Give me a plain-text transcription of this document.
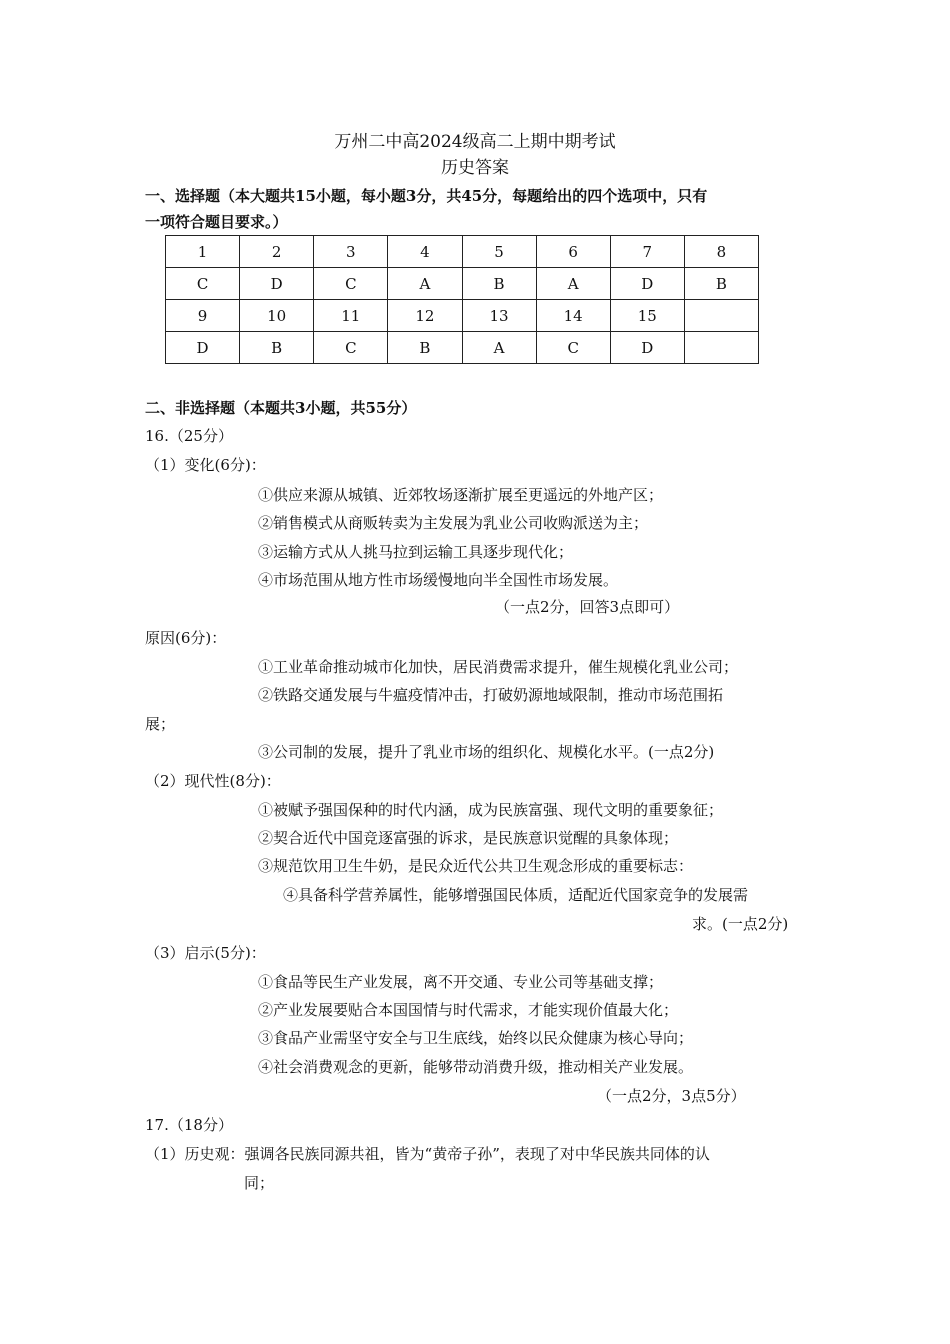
万州二中高2024级高二上期中期考试
历史答案
一、选择题（本大题共15小题，每小题3分，共45分，每题给出的四个选项中，只有
一项符合题目要求。）
1	2	3	4	5	6	7	8
C	D	C	A	B	A	D	B
9	10	11	12	13	14	15	
D	B	C	B	A	C	D	
二、非选择题（本题共3小题，共55分）
16.（25分）
（1）变化(6分)：
①供应来源从城镇、近郊牧场逐渐扩展至更遥远的外地产区；
②销售模式从商贩转卖为主发展为乳业公司收购派送为主；
③运输方式从人挑马拉到运输工具逐步现代化；
④市场范围从地方性市场缓慢地向半全国性市场发展。
（一点2分，回答3点即可）
原因(6分)：
①工业革命推动城市化加快，居民消费需求提升，催生规模化乳业公司；
②铁路交通发展与牛瘟疫情冲击，打破奶源地域限制，推动市场范围拓
展；
③公司制的发展，提升了乳业市场的组织化、规模化水平。(一点2分)
（2）现代性(8分)：
①被赋予强国保种的时代内涵，成为民族富强、现代文明的重要象征；
②契合近代中国竞逐富强的诉求，是民族意识觉醒的具象体现；
③规范饮用卫生牛奶，是民众近代公共卫生观念形成的重要标志：
④具备科学营养属性，能够增强国民体质，适配近代国家竞争的发展需
求。(一点2分)
（3）启示(5分)：
①食品等民生产业发展，离不开交通、专业公司等基础支撑；
②产业发展要贴合本国国情与时代需求，才能实现价值最大化；
③食品产业需坚守安全与卫生底线，始终以民众健康为核心导向；
④社会消费观念的更新，能够带动消费升级，推动相关产业发展。
（一点2分，3点5分）
17.（18分）
（1）历史观：强调各民族同源共祖，皆为“黄帝子孙”，表现了对中华民族共同体的认
同；
